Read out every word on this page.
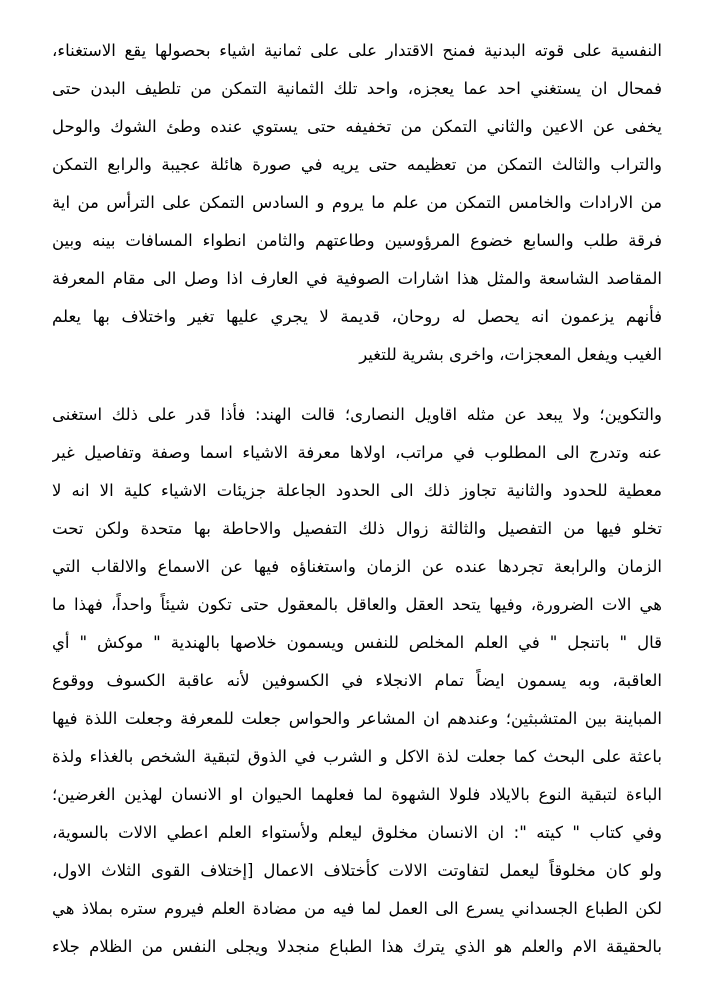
النفسية على قوته البدنية فمنح الاقتدار على على ثمانية اشياء بحصولها يقع الاستغناء،
فمحال ان يستغني احد عما يعجزه، واحد تلك الثمانية التمكن من تلطيف البدن حتى
يخفى عن الاعين والثاني التمكن من تخفيفه حتى يستوي عنده وطئ الشوك والوحل
والتراب والثالث التمكن من تعظيمه حتى يريه في صورة هائلة عجيبة والرابع التمكن
من الارادات والخامس التمكن من علم ما يروم و السادس التمكن على الترأس من اية
فرقة طلب والسابع خضوع المرؤوسين وطاعتهم والثامن انطواء المسافات بينه وبين
المقاصد الشاسعة والمثل هذا اشارات الصوفية في العارف اذا وصل الى مقام المعرفة
فأنهم يزعمون انه يحصل له روحان، قديمة لا يجري عليها تغير واختلاف بها يعلم
الغيب ويفعل المعجزات، واخرى بشرية للتغير
والتكوين؛ ولا يبعد عن مثله اقاويل النصارى؛ قالت الهند: فأذا قدر على ذلك استغنى
عنه وتدرج الى المطلوب في مراتب، اولاها معرفة الاشياء اسما وصفة وتفاصيل غير
معطية للحدود والثانية تجاوز ذلك الى الحدود الجاعلة جزيئات الاشياء كلية الا انه لا
تخلو فيها من التفصيل والثالثة زوال ذلك التفصيل والاحاطة بها متحدة ولكن تحت
الزمان والرابعة تجردها عنده عن الزمان واستغناؤه فيها عن الاسماع والالقاب التي
هي الات الضرورة، وفيها يتحد العقل والعاقل بالمعقول حتى تكون شيئاً واحداً، فهذا ما
قال " باتنجل " في العلم المخلص للنفس ويسمون خلاصها بالهندية " موكش " أي
العاقبة، وبه يسمون ايضاً تمام الانجلاء في الكسوفين لأنه عاقبة الكسوف ووقوع
المباينة بين المتشبثين؛ وعندهم ان المشاعر والحواس جعلت للمعرفة وجعلت اللذة فيها
باعثة على البحث كما جعلت لذة الاكل و الشرب في الذوق لتبقية الشخص بالغذاء ولذة
الباءة لتبقية النوع بالايلاد فلولا الشهوة لما فعلهما الحيوان او الانسان لهذين الغرضين؛
وفي كتاب " كيته ": ان الانسان مخلوق ليعلم ولأستواء العلم اعطي الالات بالسوية،
ولو كان مخلوقاً ليعمل لتفاوتت الالات كأختلاف الاعمال [إختلاف القوى الثلاث الاول،
لكن الطباع الجسداني يسرع الى العمل لما فيه من مضادة العلم فيروم ستره بملاذ هي
بالحقيقة الام والعلم هو الذي يترك هذا الطباع منجدلا ويجلى النفس من الظلام جلاء
